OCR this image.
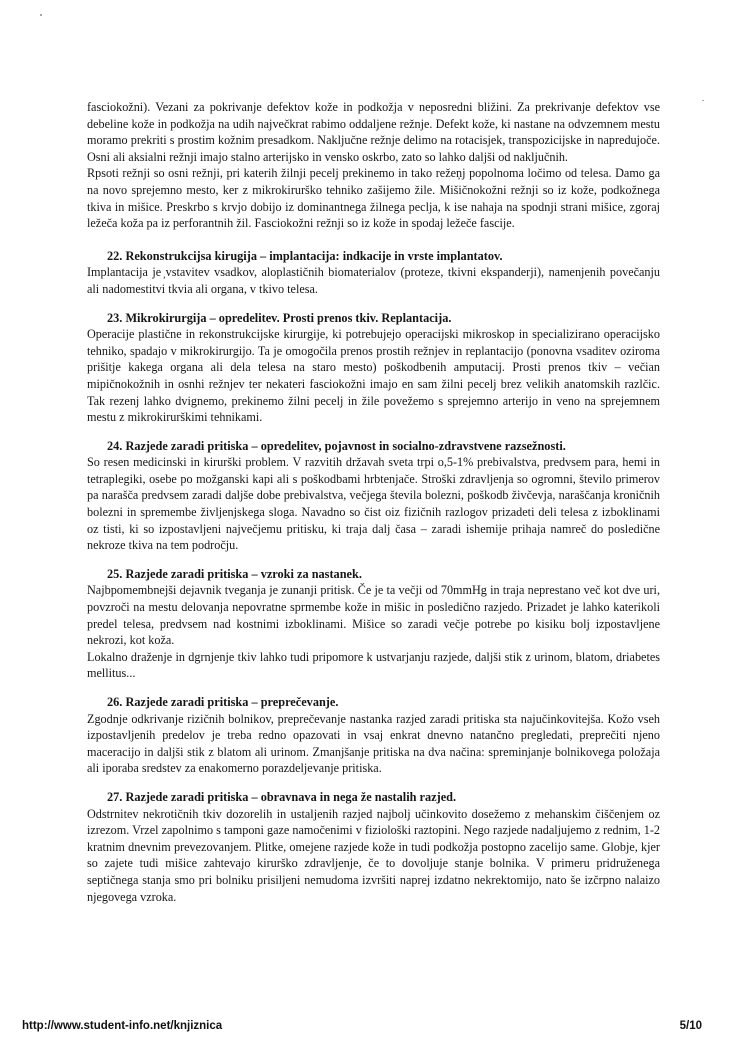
fasciokožni). Vezani za pokrivanje defektov kože in podkožja v neposredni bližini. Za prekrivanje defektov vse debeline kože in podkožja na udih največkrat rabimo oddaljene režnje. Defekt kože, ki nastane na odvzemnem mestu moramo prekriti s prostim kožnim presadkom. Naključne režnje delimo na rotacisjek, transpozicijske in napredujoče. Osni ali aksialni režnji imajo stalno arterijsko in vensko oskrbo, zato so lahko daljši od naključnih.

Rpsoti režnji so osni režnji, pri katerih žilnji pecelj prekinemo in tako režeņj popolnoma ločimo od telesa. Damo ga na novo sprejemno mesto, ker z mikrokirurško tehniko zašijemo žile. Mišičnokožni režnji so iz kože, podkožnega tkiva in mišice. Preskrbo s krvjo dobijo iz dominantnega žilnega peclja, k ise nahaja na spodnji strani mišice, zgoraj ležeča koža pa iz perforantnih žil. Fasciokožni režnji so iz kože in spodaj ležeče fascije.

22. Rekonstrukcijsa kirugija – implantacija: indkacije in vrste implantatov.

Implantacija je ̦vstavitev vsadkov, aloplastičnih biomaterialov (proteze, tkivni ekspanderji), namenjenih povečanju ali nadomestitvi tkvia ali organa, v tkivo telesa.

23. Mikrokirurgija – opredelitev. Prosti prenos tkiv. Replantacija.

Operacije plastične in rekonstrukcijske kirurgije, ki potrebujejo operacijski mikroskop in specializirano operacijsko tehniko, spadajo v mikrokirurgijo. Ta je omogočila prenos prostih režnjev in replantacijo (ponovna vsaditev oziroma prišitje kakega organa ali dela telesa na staro mesto) poškodbenih amputacij. Prosti prenos tkiv – večian mipičnokožnih in osnhi režnjev ter nekateri fasciokožni imajo en sam žilni pecelj brez velikih anatomskih razlčic. Tak rezenj lahko dvignemo, prekinemo žilni pecelj in žile povežemo s sprejemno arterijo in veno na sprejemnem mestu z mikrokirurškimi tehnikami.

24. Razjede zaradi pritiska – opredelitev, pojavnost in socialno-zdravstvene razsežnosti.

So resen medicinski in kirurški problem. V razvitih državah sveta trpi o,5-1% prebivalstva, predvsem para, hemi in tetraplegiki, osebe po možganski kapi ali s poškodbami hrbtenjače. Stroški zdravljenja so ogromni, število primerov pa narašča predvsem zaradi daljše dobe prebivalstva, večjega števila bolezni, poškodb živčevja, naraščanja kroničnih bolezni in spremembe življenjskega sloga. Navadno so čist oiz fizičnih razlogov prizadeti deli telesa z izboklinami oz tisti, ki so izpostavljeni največjemu pritisku, ki traja dalj časa – zaradi ishemije prihaja namreč do posledične nekroze tkiva na tem področju.

25. Razjede zaradi pritiska – vzroki za nastanek.

Najbpomembnejši dejavnik tveganja je zunanji pritisk. Če je ta večji od 70mmHg in traja neprestano več kot dve uri, povzroči na mestu delovanja nepovratne sprmembe kože in mišic in posledično razjedo. Prizadet je lahko katerikoli predel telesa, predvsem nad kostnimi izboklinami. Mišice so zaradi večje potrebe po kisiku bolj izpostavljene nekrozi, kot koža.

Lokalno draženje in dgrnjenje tkiv lahko tudi pripomore k ustvarjanju razjede, daljši stik z urinom, blatom, driabetes mellitus...

26. Razjede zaradi pritiska – preprečevanje.

Zgodnje odkrivanje rizičnih bolnikov, preprečevanje nastanka razjed zaradi pritiska sta najučinkovitejša. Kožo vseh izpostavljenih predelov je treba redno opazovati in vsaj enkrat dnevno natančno pregledati, preprečiti njeno maceracijo in daljši stik z blatom ali urinom. Zmanjšanje pritiska na dva načina: spreminjanje bolnikovega položaja ali iporaba sredstev za enakomerno porazdeljevanje pritiska.

27. Razjede zaradi pritiska – obravnava in nega že nastalih razjed.

Odstrnitev nekrotičnih tkiv dozorelih in ustaljenih razjed najbolj učinkovito dosežemo z mehanskim čiščenjem oz izrezom. Vrzel zapolnimo s tamponi gaze namočenimi v fiziološki raztopini. Nego razjede nadaljujemo z rednim, 1-2 kratnim dnevnim prevezovanjem. Plitke, omejene razjede kože in tudi podkožja postopno zacelijo same. Globje, kjer so zajete tudi mišice zahtevajo kirurško zdravljenje, če to dovoljuje stanje bolnika. V primeru pridruženega septičnega stanja smo pri bolniku prisiljeni nemudoma izvršiti naprej izdatno nekrektomijo, nato še izčrpno nalaizo njegovega vzroka.

http://www.student-info.net/knjiznica	5/10
